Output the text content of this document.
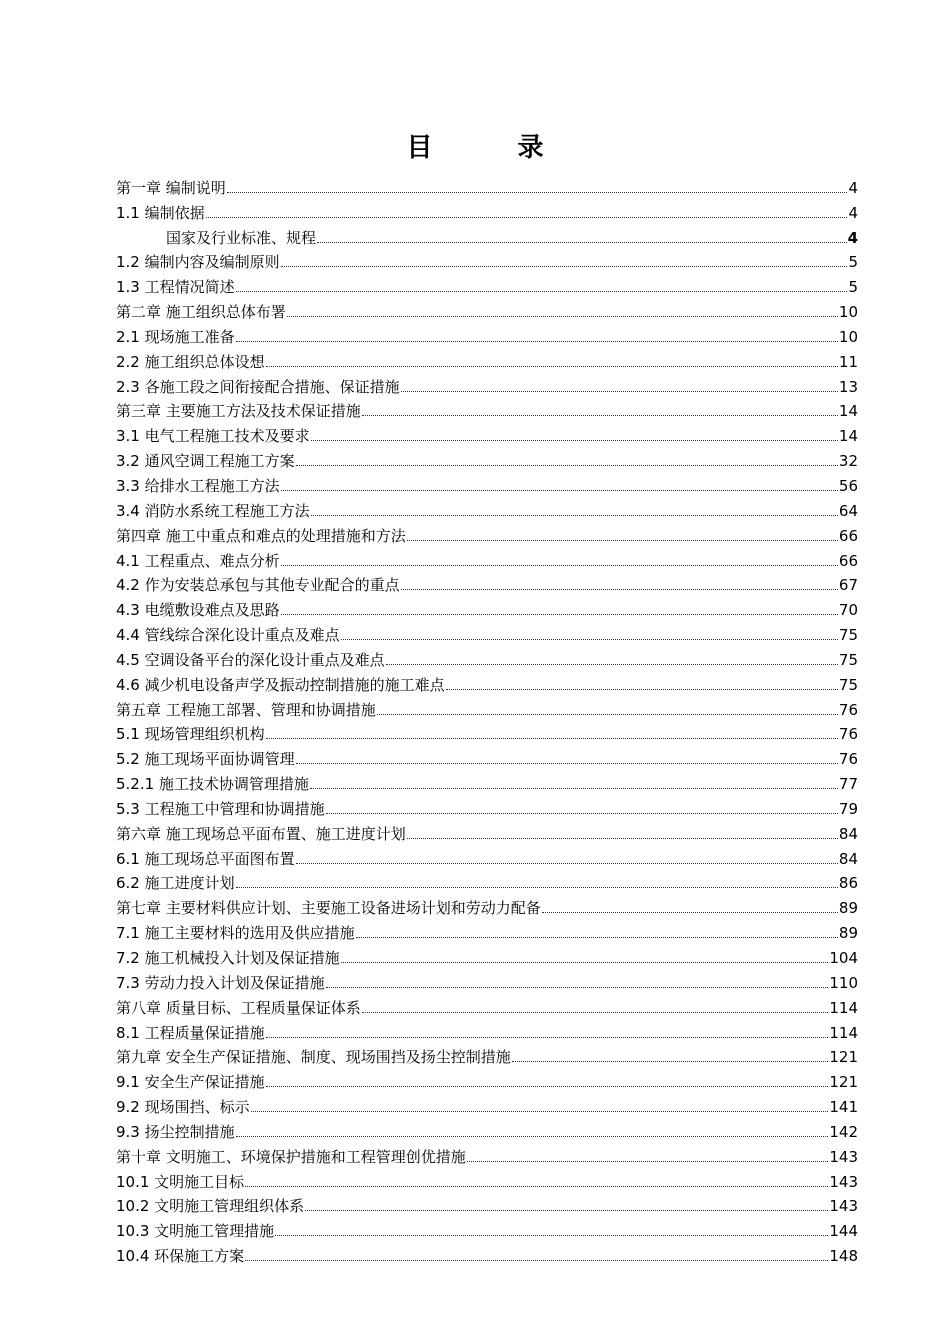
目 录
第一章 编制说明	4
1.1 编制依据	4
国家及行业标准、规程	4
1.2 编制内容及编制原则	5
1.3 工程情况简述	5
第二章 施工组织总体布署	10
2.1 现场施工准备	10
2.2 施工组织总体设想	11
2.3 各施工段之间衔接配合措施、保证措施	13
第三章 主要施工方法及技术保证措施	14
3.1 电气工程施工技术及要求	14
3.2 通风空调工程施工方案	32
3.3 给排水工程施工方法	56
3.4 消防水系统工程施工方法	64
第四章 施工中重点和难点的处理措施和方法	66
4.1 工程重点、难点分析	66
4.2 作为安装总承包与其他专业配合的重点	67
4.3 电缆敷设难点及思路	70
4.4 管线综合深化设计重点及难点	75
4.5 空调设备平台的深化设计重点及难点	75
4.6 减少机电设备声学及振动控制措施的施工难点	75
第五章 工程施工部署、管理和协调措施	76
5.1 现场管理组织机构	76
5.2 施工现场平面协调管理	76
5.2.1 施工技术协调管理措施	77
5.3 工程施工中管理和协调措施	79
第六章 施工现场总平面布置、施工进度计划	84
6.1 施工现场总平面图布置	84
6.2 施工进度计划	86
第七章 主要材料供应计划、主要施工设备进场计划和劳动力配备	89
7.1 施工主要材料的选用及供应措施	89
7.2 施工机械投入计划及保证措施	104
7.3 劳动力投入计划及保证措施	110
第八章 质量目标、工程质量保证体系	114
8.1 工程质量保证措施	114
第九章 安全生产保证措施、制度、现场围挡及扬尘控制措施	121
9.1 安全生产保证措施	121
9.2 现场围挡、标示	141
9.3 扬尘控制措施	142
第十章 文明施工、环境保护措施和工程管理创优措施	143
10.1 文明施工目标	143
10.2 文明施工管理组织体系	143
10.3 文明施工管理措施	144
10.4 环保施工方案	148
